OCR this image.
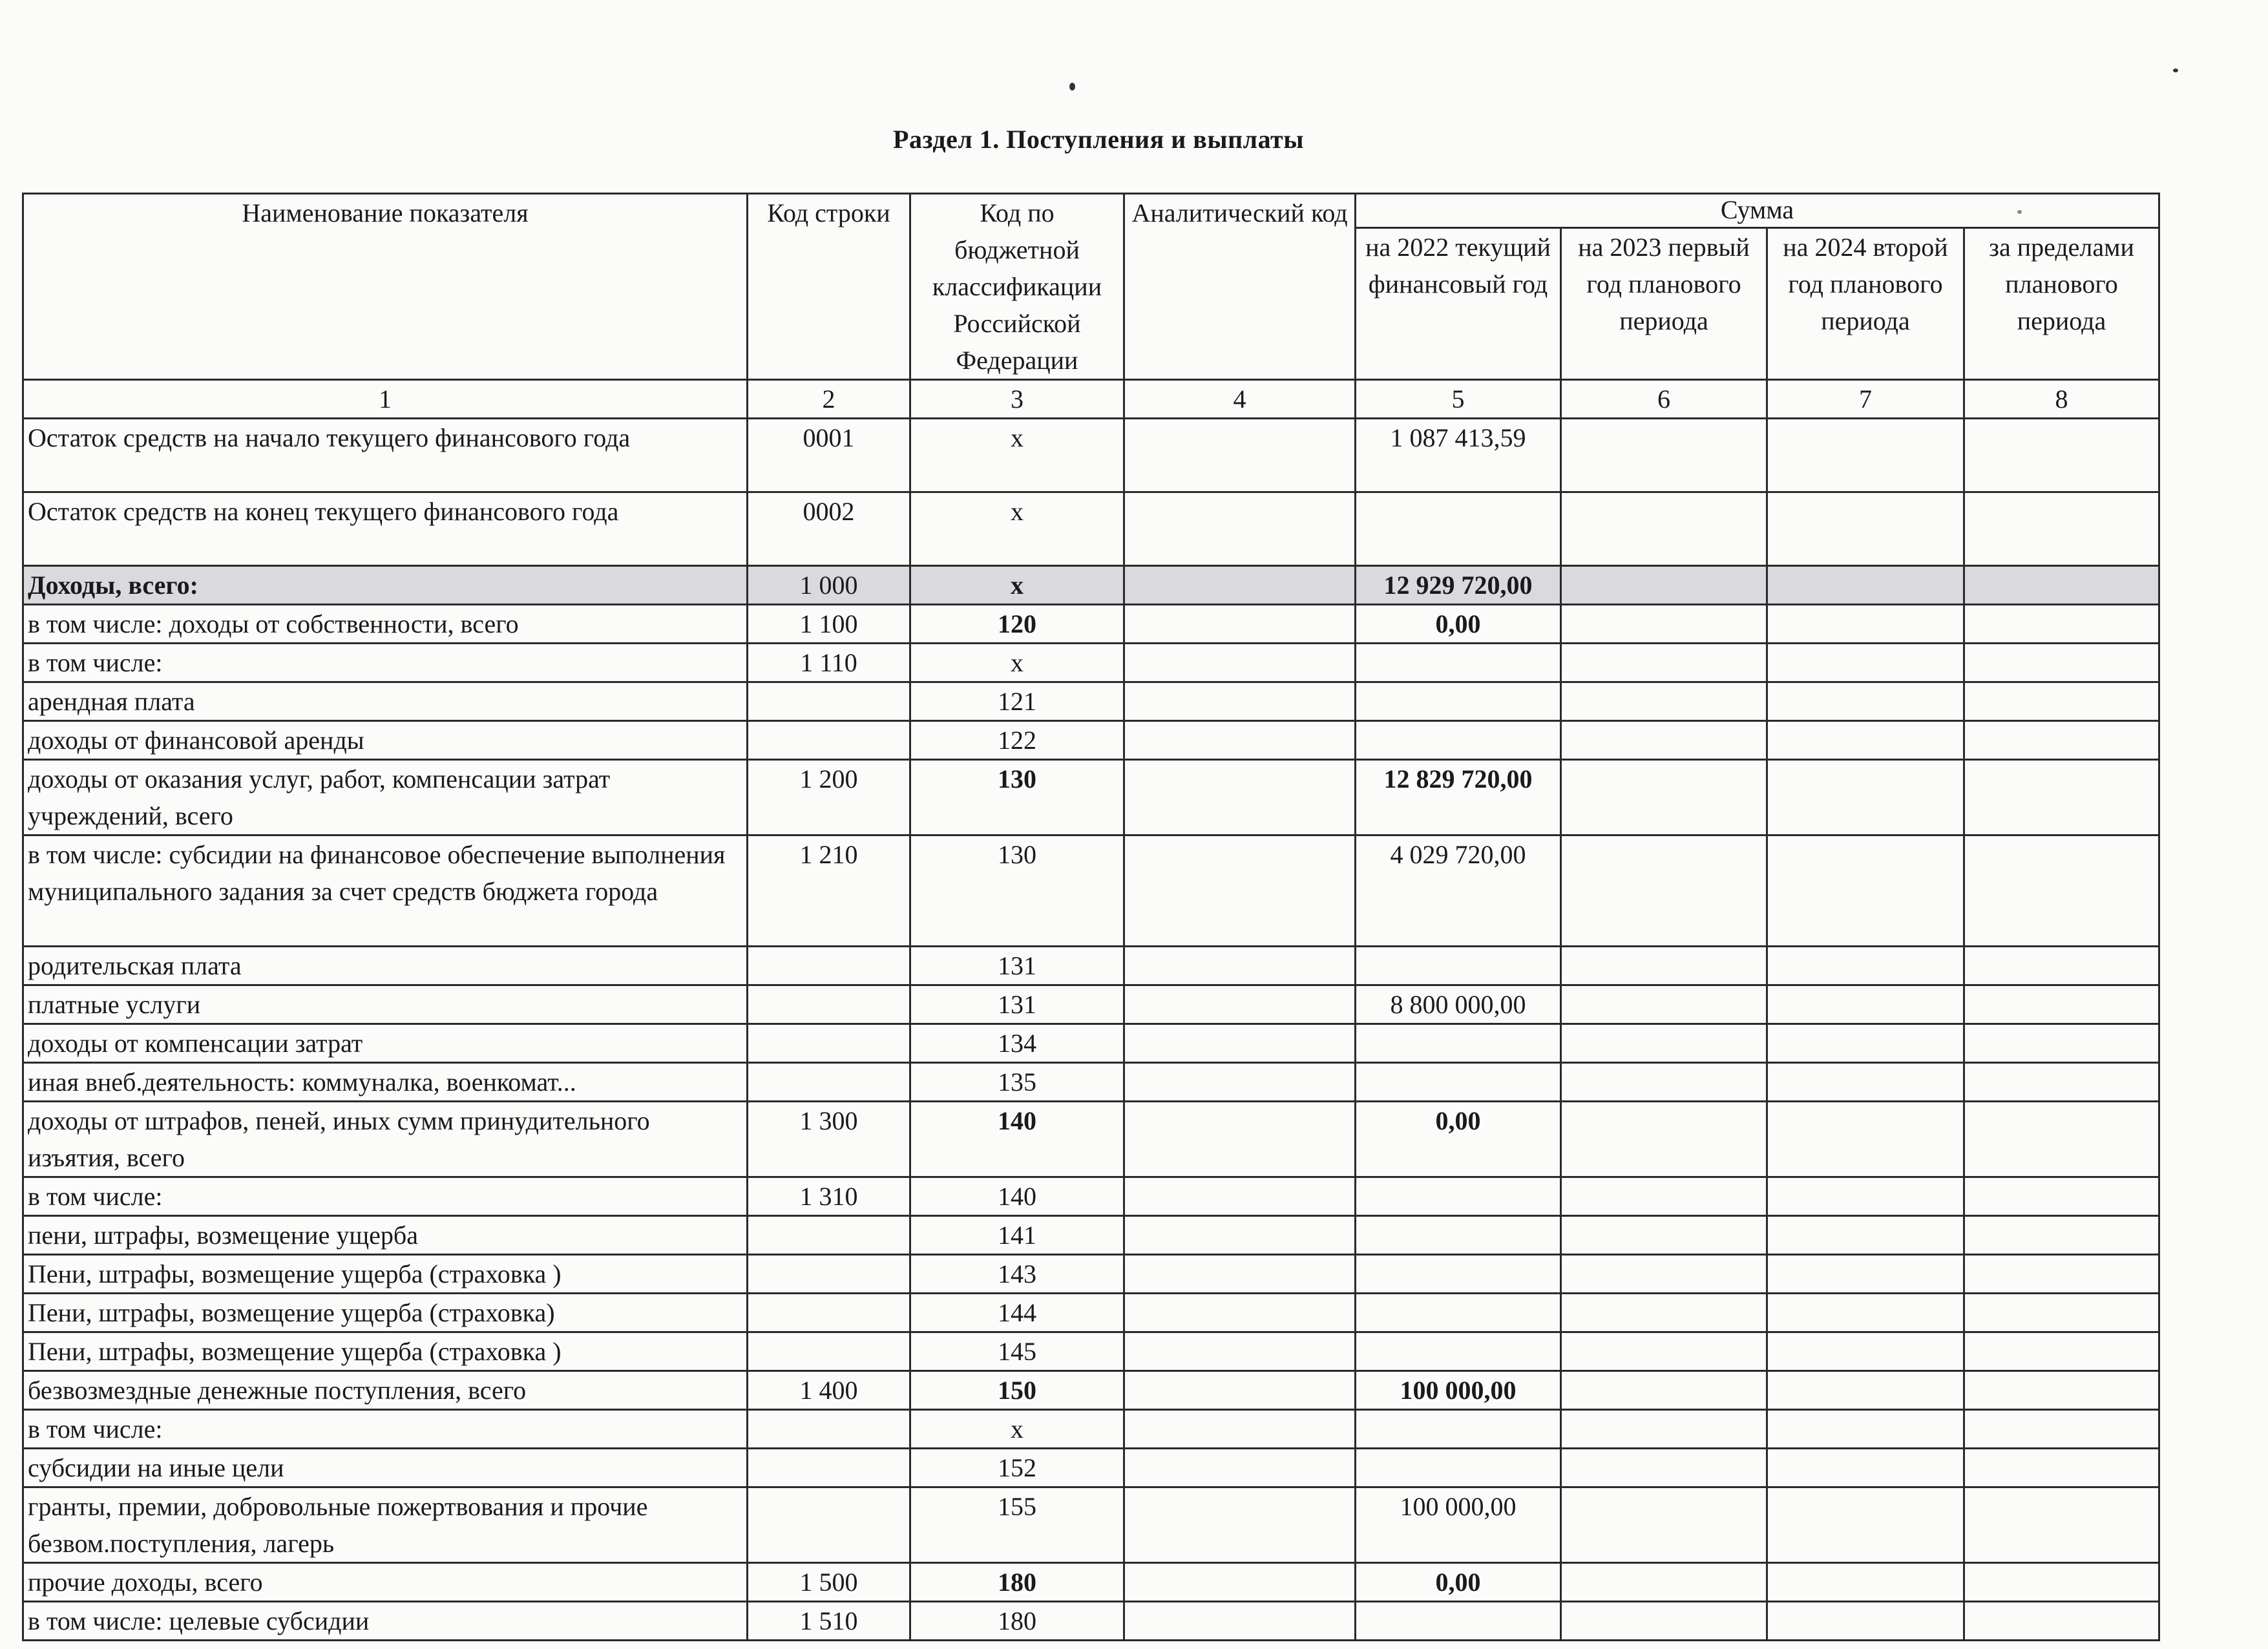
Раздел 1. Поступления и выплаты
Наименование показателя	Код строки	Код по бюджетной классификации Российской Федерации	Аналитический код	Сумма			
				на 2022 текущий финансовый год	на 2023 первый год планового периода	на 2024 второй год планового периода	за пределами планового периода
1	2	3	4	5	6	7	8
Остаток средств на начало текущего финансового года	0001	х		1 087 413,59			
Остаток средств на конец текущего финансового года	0002	х					
Доходы, всего:	1 000	х		12 929 720,00			
в том числе: доходы от собственности, всего	1 100	120		0,00			
в том числе:	1 110	х					
арендная плата		121					
доходы от финансовой аренды		122					
доходы от оказания услуг, работ, компенсации затрат учреждений, всего	1 200	130		12 829 720,00			
в том числе: субсидии на финансовое обеспечение выполнения муниципального задания за счет средств бюджета города	1 210	130		4 029 720,00			
родительская плата		131					
платные услуги		131		8 800 000,00			
доходы от компенсации затрат		134					
иная внеб.деятельность: коммуналка, военкомат...		135					
доходы от штрафов, пеней, иных сумм принудительного изъятия, всего	1 300	140		0,00			
в том числе:	1 310	140					
пени, штрафы, возмещение ущерба		141					
Пени, штрафы, возмещение ущерба (страховка )		143					
Пени, штрафы, возмещение ущерба (страховка)		144					
Пени, штрафы, возмещение ущерба (страховка )		145					
безвозмездные денежные поступления, всего	1 400	150		100 000,00			
в том числе:		х					
субсидии на иные цели		152					
гранты, премии, добровольные пожертвования и прочие безвом.поступления, лагерь		155		100 000,00			
прочие доходы, всего	1 500	180		0,00			
в том числе: целевые субсидии	1 510	180					
